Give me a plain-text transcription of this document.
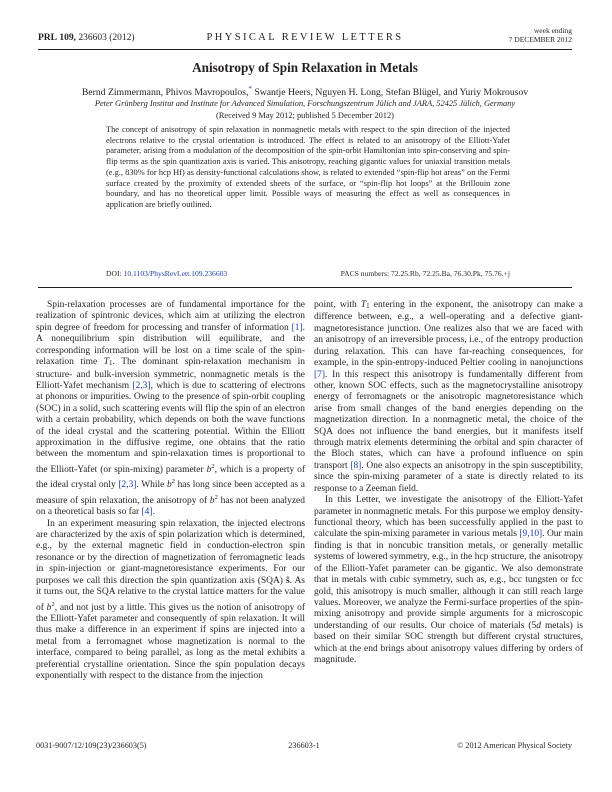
PRL 109, 236603 (2012)	PHYSICAL REVIEW LETTERS
week ending
7 DECEMBER 2012
Anisotropy of Spin Relaxation in Metals
Bernd Zimmermann, Phivos Mavropoulos,* Swantje Heers, Nguyen H. Long, Stefan Blügel, and Yuriy Mokrousov
Peter Grünberg Institut and Institute for Advanced Simulation, Forschungszentrum Jülich and JARA, 52425 Jülich, Germany
(Received 9 May 2012; published 5 December 2012)
The concept of anisotropy of spin relaxation in nonmagnetic metals with respect to the spin direction of the injected electrons relative to the crystal orientation is introduced. The effect is related to an anisotropy of the Elliott-Yafet parameter, arising from a modulation of the decomposition of the spin-orbit Hamiltonian into spin-conserving and spin-flip terms as the spin quantization axis is varied. This anisotropy, reaching gigantic values for uniaxial transition metals (e.g., 830% for hcp Hf) as density-functional calculations show, is related to extended “spin-flip hot areas” on the Fermi surface created by the proximity of extended sheets of the surface, or “spin-flip hot loops” at the Brillouin zone boundary, and has no theoretical upper limit. Possible ways of measuring the effect as well as consequences in application are briefly outlined.
DOI: 10.1103/PhysRevLett.109.236603	PACS numbers: 72.25.Rb, 72.25.Ba, 76.30.Pk, 75.76.+j

Spin-relaxation processes are of fundamental importance for the realization of spintronic devices, which aim at utilizing the electron spin degree of freedom for processing and transfer of information [1]. A nonequilibrium spin distribution will equilibrate, and the corresponding information will be lost on a time scale of the spin-relaxation time T1. The dominant spin-relaxation mechanism in structure- and bulk-inversion symmetric, nonmagnetic metals is the Elliott-Yafet mechanism [2,3], which is due to scattering of electrons at phonons or impurities. Owing to the presence of spin-orbit coupling (SOC) in a solid, such scattering events will flip the spin of an electron with a certain probability, which depends on both the wave functions of the ideal crystal and the scattering potential. Within the Elliott approximation in the diffusive regime, one obtains that the ratio between the momentum and spin-relaxation times is proportional to the Elliott-Yafet (or spin-mixing) parameter $b^2$, which is a property of the ideal crystal only [2,3]. While $b^2$ has long since been accepted as a measure of spin relaxation, the anisotropy of $b^2$ has not been analyzed on a theoretical basis so far [4].

In an experiment measuring spin relaxation, the injected electrons are characterized by the axis of spin polarization which is determined, e.g., by the external magnetic field in conduction-electron spin resonance or by the direction of magnetization of ferromagnetic leads in spin-injection or giant-magnetoresistance experiments. For our purposes we call this direction the spin quantization axis (SQA) ŝ. As it turns out, the SQA relative to the crystal lattice matters for the value of $b^2$, and not just by a little. This gives us the notion of anisotropy of the Elliott-Yafet parameter and consequently of spin relaxation. It will thus make a difference in an experiment if spins are injected into a metal from a ferromagnet whose magnetization is normal to the interface, compared to being parallel, as long as the metal exhibits a preferential crystalline orientation. Since the spin population decays exponentially with respect to the distance from the injection

point, with T1 entering in the exponent, the anisotropy can make a difference between, e.g., a well-operating and a defective giant-magnetoresistance junction. One realizes also that we are faced with an anisotropy of an irreversible process, i.e., of the entropy production during relaxation. This can have far-reaching consequences, for example, in the spin-entropy-induced Peltier cooling in nanojunctions [7]. In this respect this anisotropy is fundamentally different from other, known SOC effects, such as the magnetocrystalline anisotropy energy of ferromagnets or the anisotropic magnetoresistance which arise from small changes of the band energies depending on the magnetization direction. In a nonmagnetic metal, the choice of the SQA does not influence the band energies, but it manifests itself through matrix elements determining the orbital and spin character of the Bloch states, which can have a profound influence on spin transport [8]. One also expects an anisotropy in the spin susceptibility, since the spin-mixing parameter of a state is directly related to its response to a Zeeman field.

In this Letter, we investigate the anisotropy of the Elliott-Yafet parameter in nonmagnetic metals. For this purpose we employ density-functional theory, which has been successfully applied in the past to calculate the spin-mixing parameter in various metals [9,10]. Our main finding is that in noncubic transition metals, or generally metallic systems of lowered symmetry, e.g., in the hcp structure, the anisotropy of the Elliott-Yafet parameter can be gigantic. We also demonstrate that in metals with cubic symmetry, such as, e.g., bcc tungsten or fcc gold, this anisotropy is much smaller, although it can still reach large values. Moreover, we analyze the Fermi-surface properties of the spin-mixing anisotropy and provide simple arguments for a microscopic understanding of our results. Our choice of materials (5d metals) is based on their similar SOC strength but different crystal structures, which at the end brings about anisotropy values differing by orders of magnitude.

0031-9007/12/109(23)/236603(5)	236603-1	© 2012 American Physical Society
